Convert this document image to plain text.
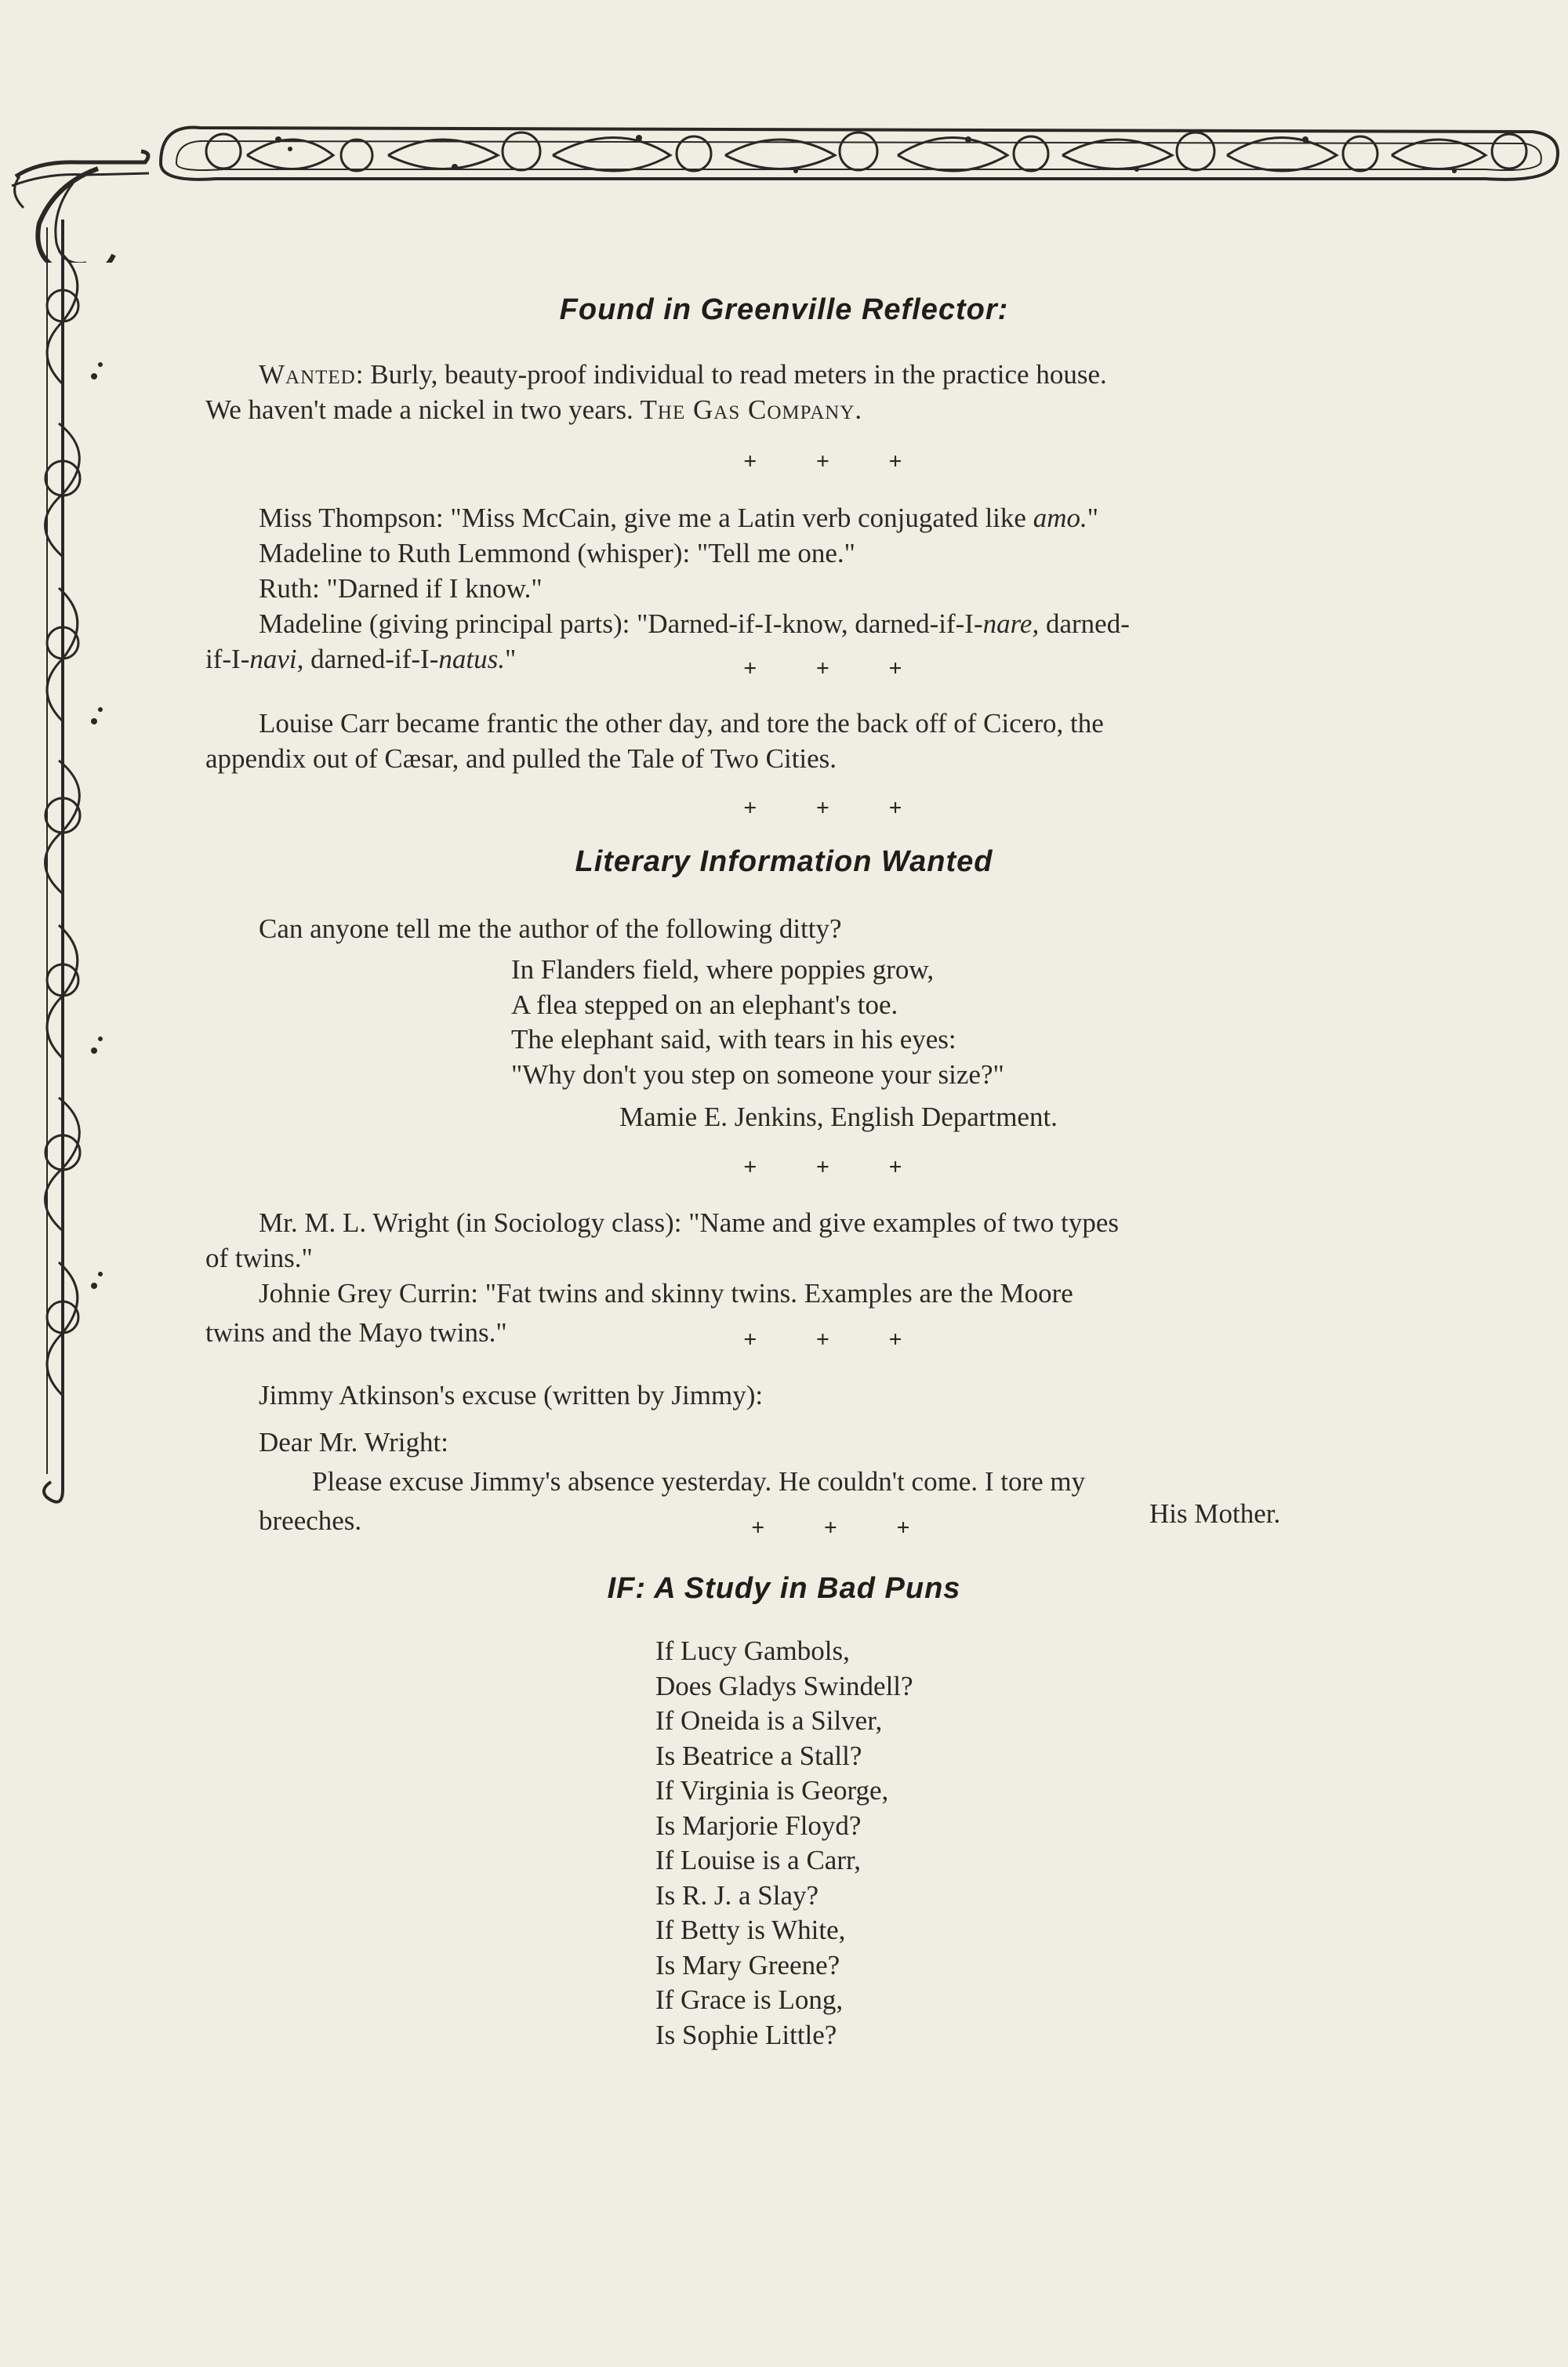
Found in Greenville Reflector:
Wanted: Burly, beauty-proof individual to read meters in the practice house.
We haven't made a nickel in two years. The Gas Company.
+ + +
Miss Thompson: "Miss McCain, give me a Latin verb conjugated like amo."
Madeline to Ruth Lemmond (whisper): "Tell me one."
Ruth: "Darned if I know."
Madeline (giving principal parts): "Darned-if-I-know, darned-if-I-nare, darned-
if-I-navi, darned-if-I-natus."	+ + +
Louise Carr became frantic the other day, and tore the back off of Cicero, the
appendix out of Cæsar, and pulled the Tale of Two Cities.
+ + +
Literary Information Wanted
Can anyone tell me the author of the following ditty?
In Flanders field, where poppies grow,
A flea stepped on an elephant's toe.
The elephant said, with tears in his eyes:
"Why don't you step on someone your size?"
Mamie E. Jenkins, English Department.
+ + +
Mr. M. L. Wright (in Sociology class): "Name and give examples of two types
of twins."
Johnie Grey Currin: "Fat twins and skinny twins. Examples are the Moore
twins and the Mayo twins."	+ + +
Jimmy Atkinson's excuse (written by Jimmy):
Dear Mr. Wright:
Please excuse Jimmy's absence yesterday. He couldn't come. I tore my
breeches.	His Mother.
+ + +
IF: A Study in Bad Puns
If Lucy Gambols,
Does Gladys Swindell?
If Oneida is a Silver,
Is Beatrice a Stall?
If Virginia is George,
Is Marjorie Floyd?
If Louise is a Carr,
Is R. J. a Slay?
If Betty is White,
Is Mary Greene?
If Grace is Long,
Is Sophie Little?
